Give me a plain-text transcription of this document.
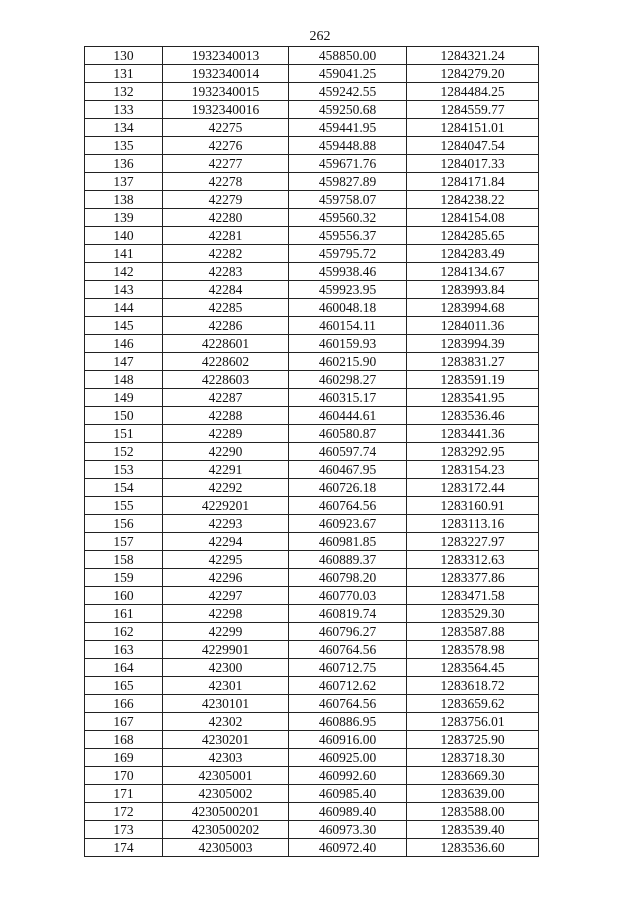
262
130	1932340013	458850.00	1284321.24
131	1932340014	459041.25	1284279.20
132	1932340015	459242.55	1284484.25
133	1932340016	459250.68	1284559.77
134	42275	459441.95	1284151.01
135	42276	459448.88	1284047.54
136	42277	459671.76	1284017.33
137	42278	459827.89	1284171.84
138	42279	459758.07	1284238.22
139	42280	459560.32	1284154.08
140	42281	459556.37	1284285.65
141	42282	459795.72	1284283.49
142	42283	459938.46	1284134.67
143	42284	459923.95	1283993.84
144	42285	460048.18	1283994.68
145	42286	460154.11	1284011.36
146	4228601	460159.93	1283994.39
147	4228602	460215.90	1283831.27
148	4228603	460298.27	1283591.19
149	42287	460315.17	1283541.95
150	42288	460444.61	1283536.46
151	42289	460580.87	1283441.36
152	42290	460597.74	1283292.95
153	42291	460467.95	1283154.23
154	42292	460726.18	1283172.44
155	4229201	460764.56	1283160.91
156	42293	460923.67	1283113.16
157	42294	460981.85	1283227.97
158	42295	460889.37	1283312.63
159	42296	460798.20	1283377.86
160	42297	460770.03	1283471.58
161	42298	460819.74	1283529.30
162	42299	460796.27	1283587.88
163	4229901	460764.56	1283578.98
164	42300	460712.75	1283564.45
165	42301	460712.62	1283618.72
166	4230101	460764.56	1283659.62
167	42302	460886.95	1283756.01
168	4230201	460916.00	1283725.90
169	42303	460925.00	1283718.30
170	42305001	460992.60	1283669.30
171	42305002	460985.40	1283639.00
172	4230500201	460989.40	1283588.00
173	4230500202	460973.30	1283539.40
174	42305003	460972.40	1283536.60
